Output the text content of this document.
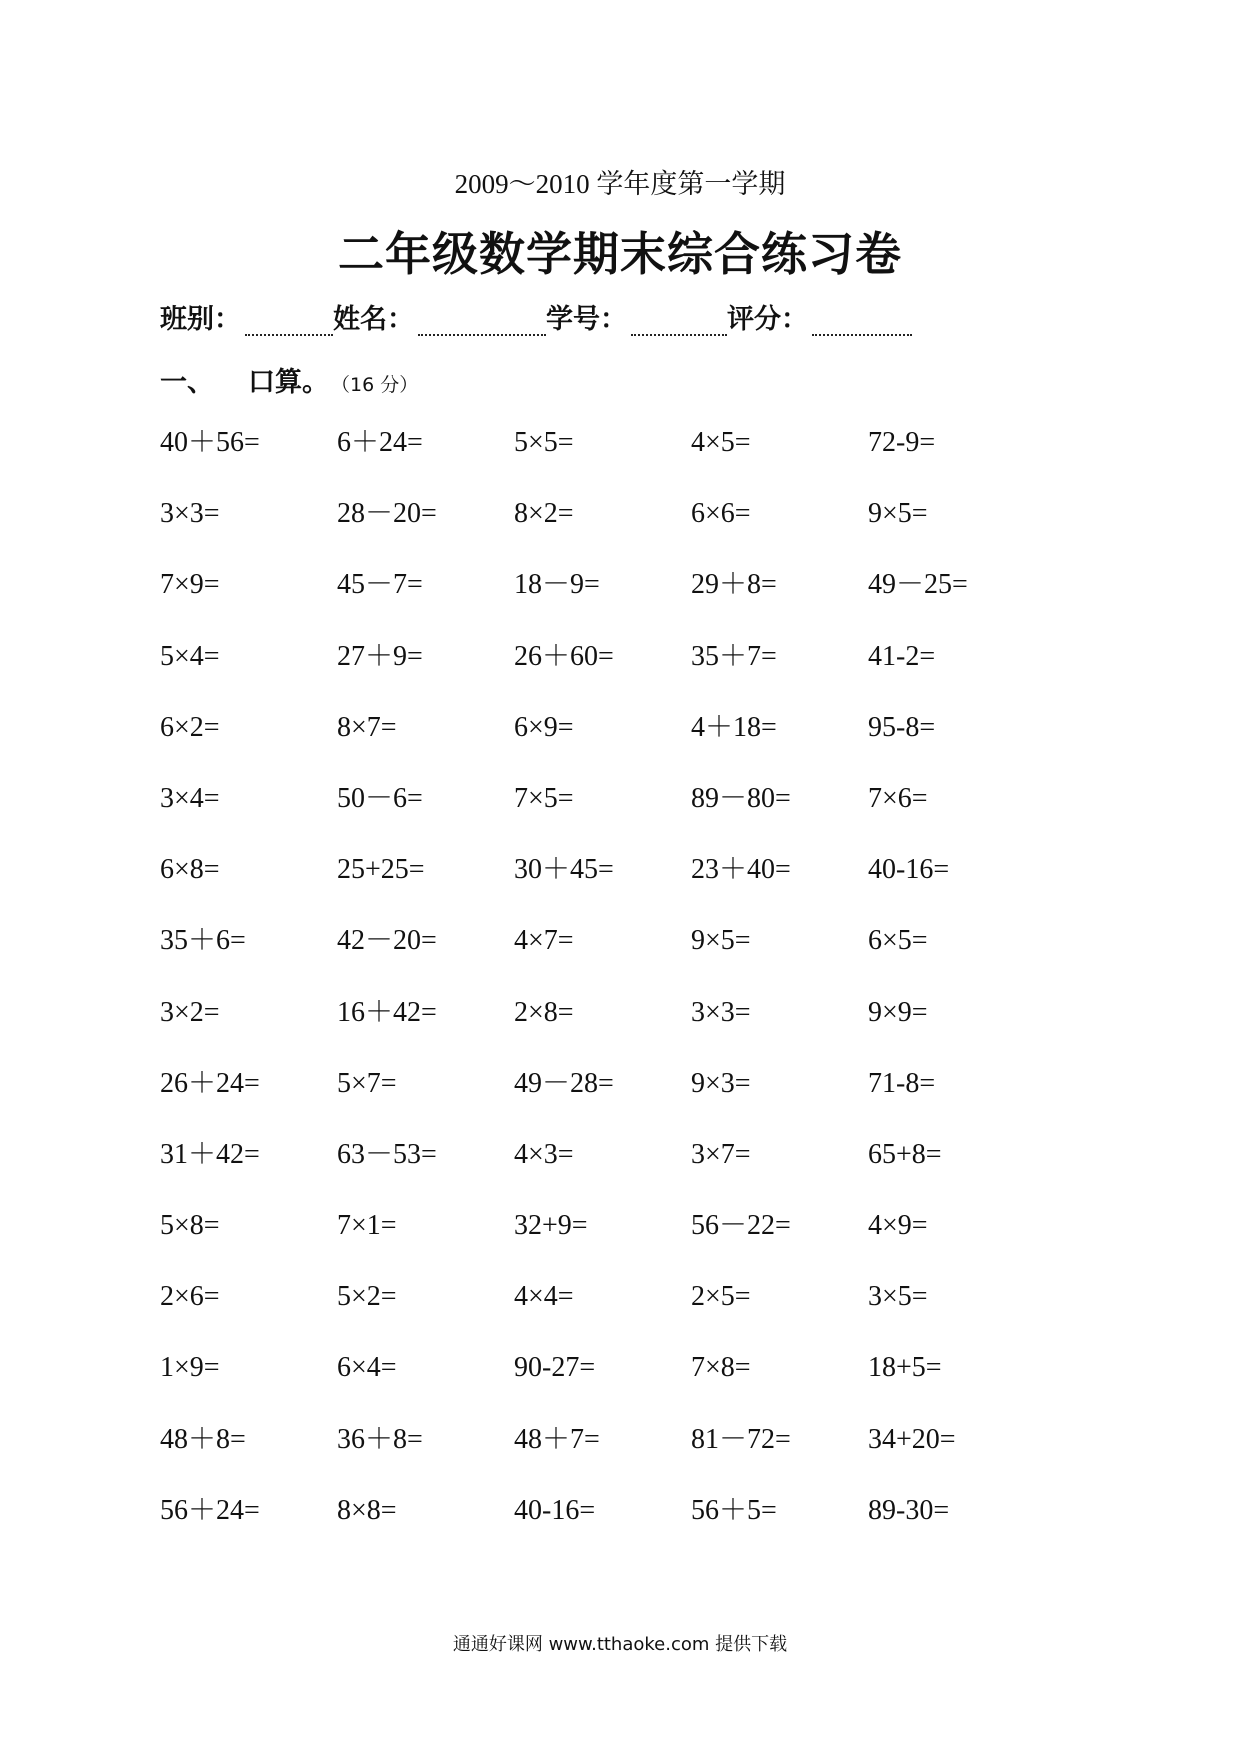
2009～2010 学年度第一学期
二年级数学期末综合练习卷
班别：	姓名：	学号：	评分：
一、 口算。 （16 分）
40＋56=	6＋24=	5×5=	4×5=	72-9=
3×3=	28－20=	8×2=	6×6=	9×5=
7×9=	45－7=	18－9=	29＋8=	49－25=
5×4=	27＋9=	26＋60=	35＋7=	41-2=
6×2=	8×7=	6×9=	4＋18=	95-8=
3×4=	50－6=	7×5=	89－80=	7×6=
6×8=	25+25=	30＋45=	23＋40=	40-16=
35＋6=	42－20=	4×7=	9×5=	6×5=
3×2=	16＋42=	2×8=	3×3=	9×9=
26＋24=	5×7=	49－28=	9×3=	71-8=
31＋42=	63－53=	4×3=	3×7=	65+8=
5×8=	7×1=	32+9=	56－22=	4×9=
2×6=	5×2=	4×4=	2×5=	3×5=
1×9=	6×4=	90-27=	7×8=	18+5=
48＋8=	36＋8=	48＋7=	81－72=	34+20=
56＋24=	8×8=	40-16=	56＋5=	89-30=
通通好课网 www.tthaoke.com 提供下载
